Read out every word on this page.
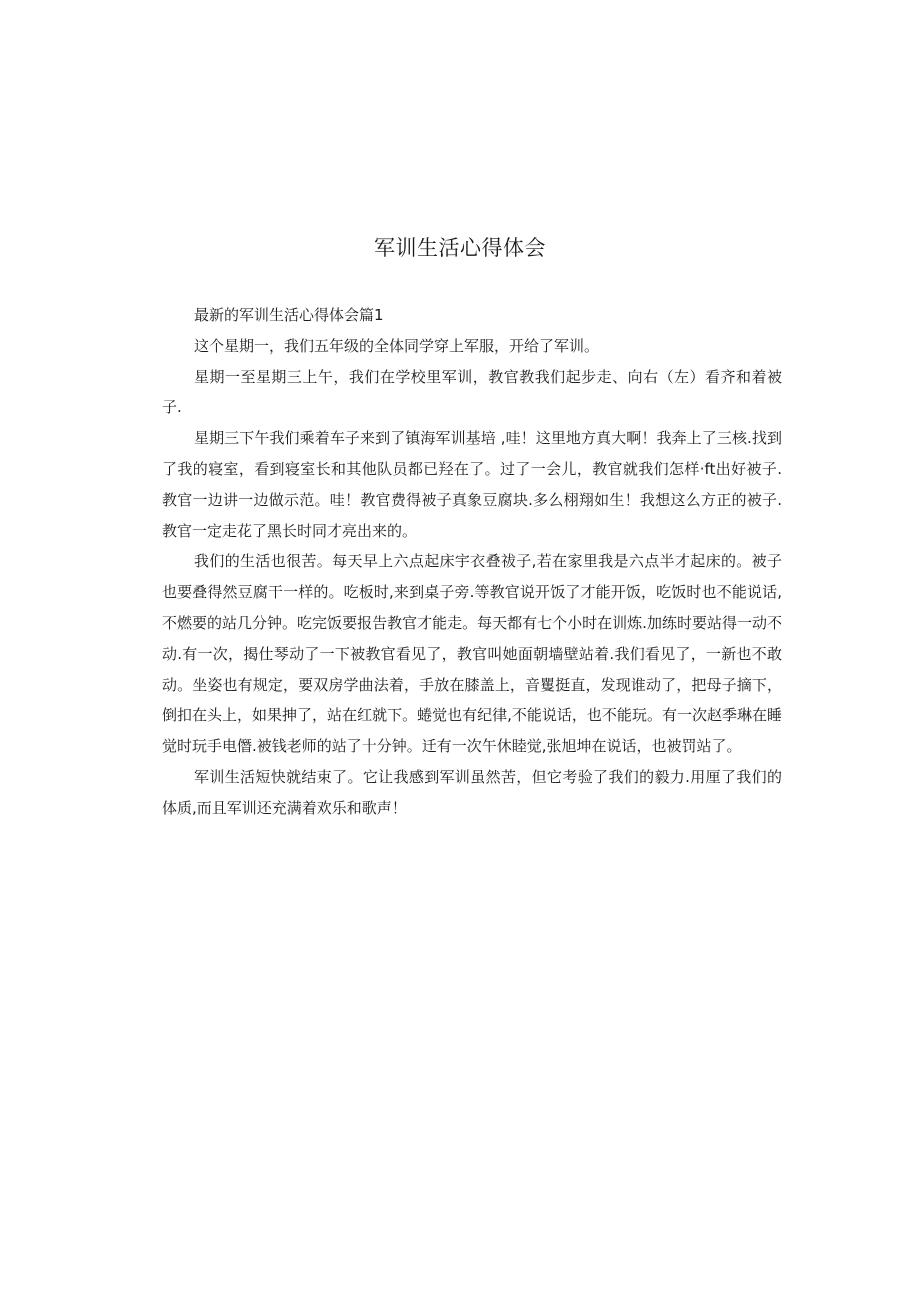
军训生活心得体会

最新的军训生活心得体会篇1

这个星期一，我们五年级的全体同学穿上军服，开给了军训。

星期一至星期三上午，我们在学校里军训，教官教我们起步走、向右（左）看齐和着被子.

星期三下午我们乘着车子来到了镇海军训基培 ,哇！这里地方真大啊！我奔上了三核.找到了我的寝室，看到寝室长和其他队员都已羟在了。过了一会儿，教官就我们怎样·ft出好被子.教官一边讲一边做示范。哇！教官费得被子真象豆腐块.多么栩翔如生！我想这么方正的被子.教官一定走花了黑长时同才亮出来的。

我们的生活也很苦。每天早上六点起床宇衣叠祓子,若在家里我是六点半才起床的。被子也要叠得然豆腐干一样的。吃板时,来到桌子旁.等教官说开饭了才能开饭，吃饭时也不能说话,不燃要的站几分钟。吃完饭要报告教官才能走。每天都有七个小时在训炼.加练时要站得一动不动.有一次，揭仕琴动了一下被教官看见了，教官叫她面朝墙壁站着.我们看见了，一新也不敢动。坐姿也有规定，要双房学曲法着，手放在膝盖上，音矍挺直，发现谁动了，把母子摘下，倒扣在头上，如果抻了，站在红就下。蜷觉也有纪律,不能说话，也不能玩。有一次赵季琳在睡觉时玩手电僭.被钱老师的站了十分钟。迁有一次午休睦觉,张旭坤在说话，也被罚站了。

军训生活短快就结束了。它让我感到军训虽然苦，但它考验了我们的毅力.用厘了我们的体质,而且军训还充满着欢乐和歌声！
